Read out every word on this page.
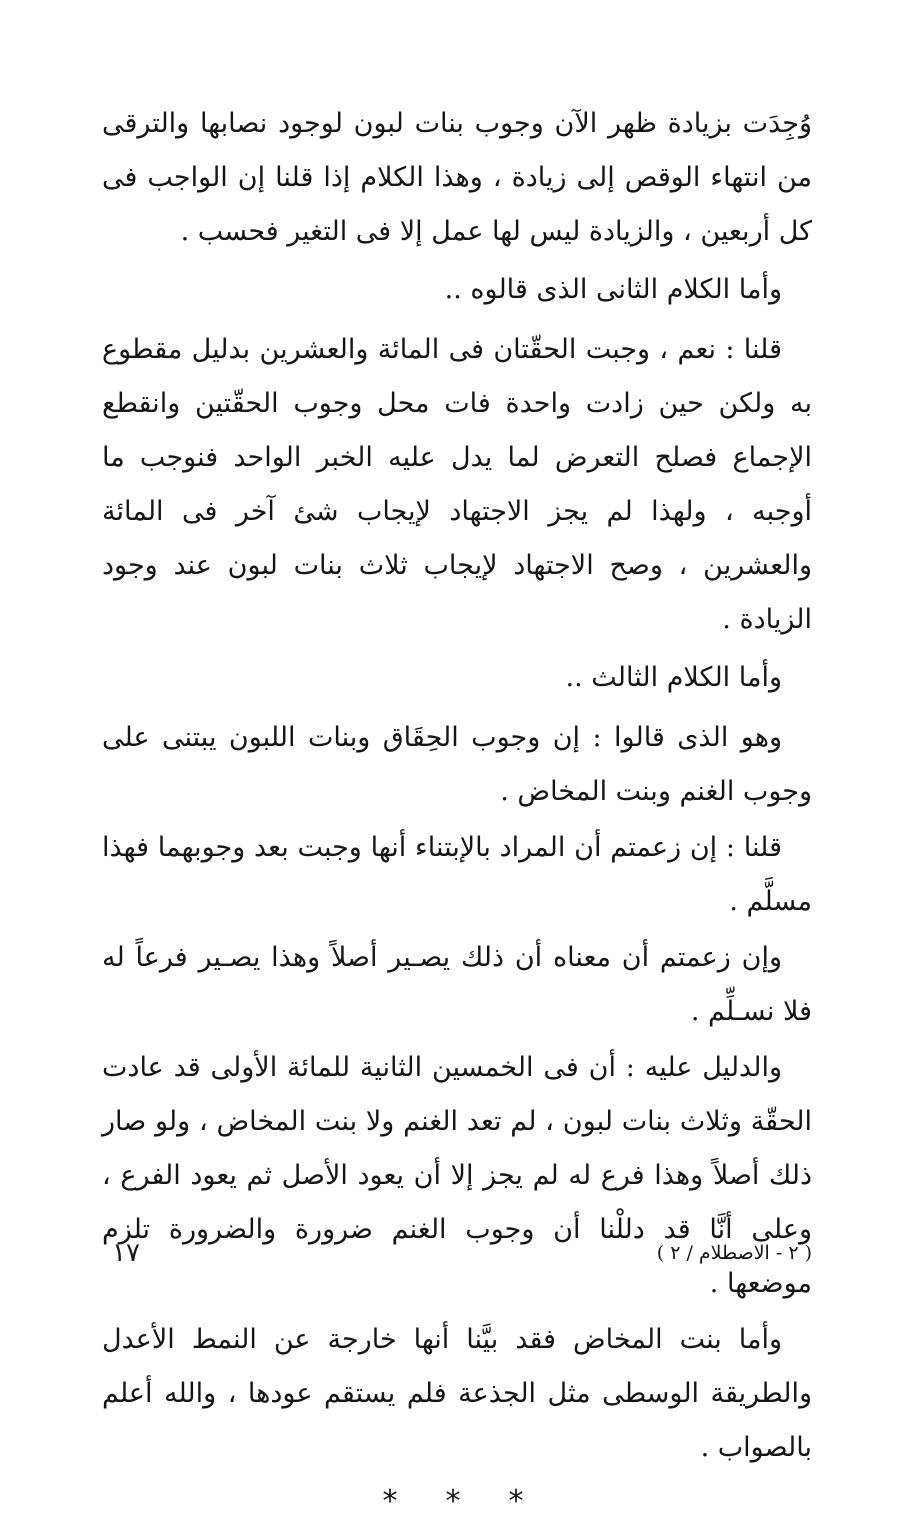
وُجِدَت بزيادة ظهر الآن وجوب بنات لبون لوجود نصابها والترقى من انتهاء الوقص إلى زيادة ، وهذا الكلام إذا قلنا إن الواجب فى كل أربعين ، والزيادة ليس لها عمل إلا فى التغير فحسب .

وأما الكلام الثانى الذى قالوه ..

قلنا : نعم ، وجبت الحقّتان فى المائة والعشرين بدليل مقطوع به ولكن حين زادت واحدة فات محل وجوب الحقّتين وانقطع الإجماع فصلح التعرض لما يدل عليه الخبر الواحد فنوجب ما أوجبه ، ولهذا لم يجز الاجتهاد لإيجاب شئ آخر فى المائة والعشرين ، وصح الاجتهاد لإيجاب ثلاث بنات لبون عند وجود الزيادة .

وأما الكلام الثالث ..

وهو الذى قالوا : إن وجوب الحِقَاق وبنات اللبون يبتنى على وجوب الغنم وبنت المخاض .

قلنا : إن زعمتم أن المراد بالإبتناء أنها وجبت بعد وجوبهما فهذا مسلَّم .

وإن زعمتم أن معناه أن ذلك يصـير أصلاً وهذا يصـير فرعاً له فلا نسـلِّم .

والدليل عليه : أن فى الخمسين الثانية للمائة الأولى قد عادت الحقّة وثلاث بنات لبون ، لم تعد الغنم ولا بنت المخاض ، ولو صار ذلك أصلاً وهذا فرع له لم يجز إلا أن يعود الأصل ثم يعود الفرع ، وعلى أنَّا قد دللْنا أن وجوب الغنم ضرورة والضرورة تلزم موضعها .

وأما بنت المخاض فقد بيَّنا أنها خارجة عن النمط الأعدل والطريقة الوسطى مثل الجذعة فلم يستقم عودها ، والله أعلم بالصواب .

***

١٧	( ٢ - الاصطلام / ٢ )
